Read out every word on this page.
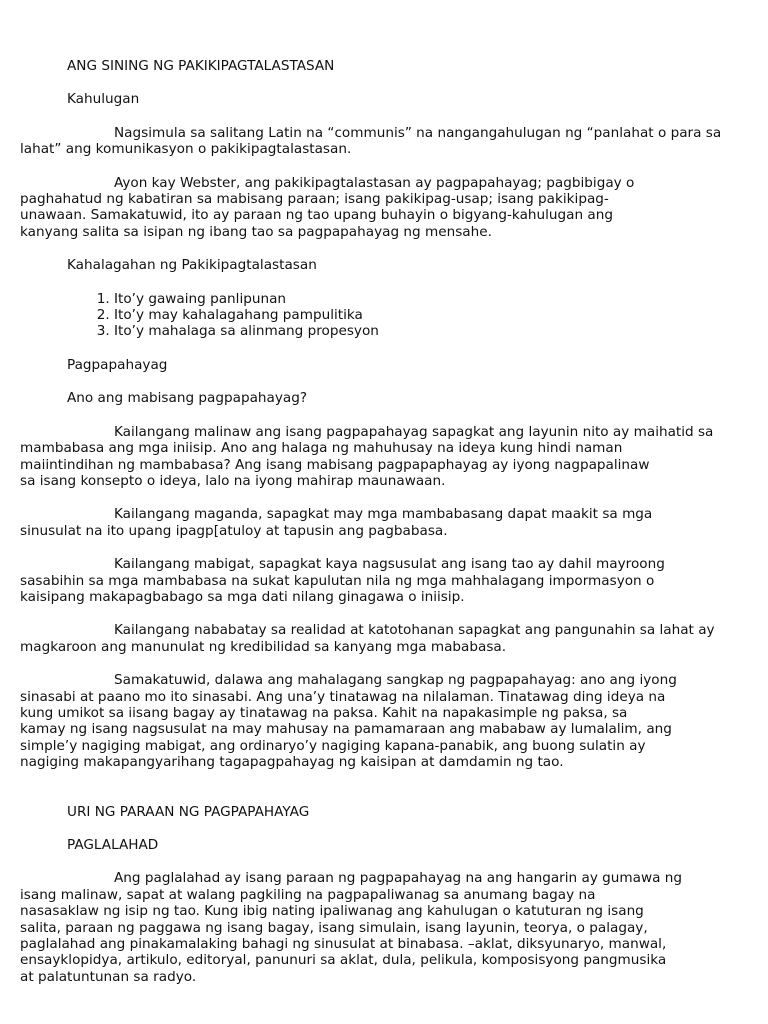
ANG SINING NG PAKIKIPAGTALASTASAN

Kahulugan

Nagsimula sa salitang Latin na “communis” na nangangahulugan ng “panlahat o para sa
lahat” ang komunikasyon o pakikipagtalastasan.

Ayon kay Webster, ang pakikipagtalastasan ay pagpapahayag; pagbibigay o
paghahatud ng kabatiran sa mabisang paraan; isang pakikipag-usap; isang pakikipag-
unawaan. Samakatuwid, ito ay paraan ng tao upang buhayin o bigyang-kahulugan ang
kanyang salita sa isipan ng ibang tao sa pagpapahayag ng mensahe.

Kahalagahan ng Pakikipagtalastasan

1. Ito’y gawaing panlipunan
2. Ito’y may kahalagahang pampulitika
3. Ito’y mahalaga sa alinmang propesyon

Pagpapahayag

Ano ang mabisang pagpapahayag?

Kailangang malinaw ang isang pagpapahayag sapagkat ang layunin nito ay maihatid sa
mambabasa ang mga iniisip. Ano ang halaga ng mahuhusay na ideya kung hindi naman
maiintindihan ng mambabasa? Ang isang mabisang pagpapaphayag ay iyong nagpapalinaw
sa isang konsepto o ideya, lalo na iyong mahirap maunawaan.

Kailangang maganda, sapagkat may mga mambabasang dapat maakit sa mga
sinusulat na ito upang ipagp[atuloy at tapusin ang pagbabasa.

Kailangang mabigat, sapagkat kaya nagsusulat ang isang tao ay dahil mayroong
sasabihin sa mga mambabasa na sukat kapulutan nila ng mga mahhalagang impormasyon o
kaisipang makapagbabago sa mga dati nilang ginagawa o iniisip.

Kailangang nababatay sa realidad at katotohanan sapagkat ang pangunahin sa lahat ay
magkaroon ang manunulat ng kredibilidad sa kanyang mga mababasa.

Samakatuwid, dalawa ang mahalagang sangkap ng pagpapahayag: ano ang iyong
sinasabi at paano mo ito sinasabi. Ang una’y tinatawag na nilalaman. Tinatawag ding ideya na
kung umikot sa iisang bagay ay tinatawag na paksa. Kahit na napakasimple ng paksa, sa
kamay ng isang nagsusulat na may mahusay na pamamaraan ang mababaw ay lumalalim, ang
simple’y nagiging mabigat, ang ordinaryo’y nagiging kapana-panabik, ang buong sulatin ay
nagiging makapangyarihang tagapagpahayag ng kaisipan at damdamin ng tao.

URI NG PARAAN NG PAGPAPAHAYAG

PAGLALAHAD

Ang paglalahad ay isang paraan ng pagpapahayag na ang hangarin ay gumawa ng
isang malinaw, sapat at walang pagkiling na pagpapaliwanag sa anumang bagay na
nasasaklaw ng isip ng tao. Kung ibig nating ipaliwanag ang kahulugan o katuturan ng isang
salita, paraan ng paggawa ng isang bagay, isang simulain, isang layunin, teorya, o palagay,
paglalahad ang pinakamalaking bahagi ng sinusulat at binabasa. –aklat, diksyunaryo, manwal,
ensayklopidya, artikulo, editoryal, panunuri sa aklat, dula, pelikula, komposisyong pangmusika
at palatuntunan sa radyo.
